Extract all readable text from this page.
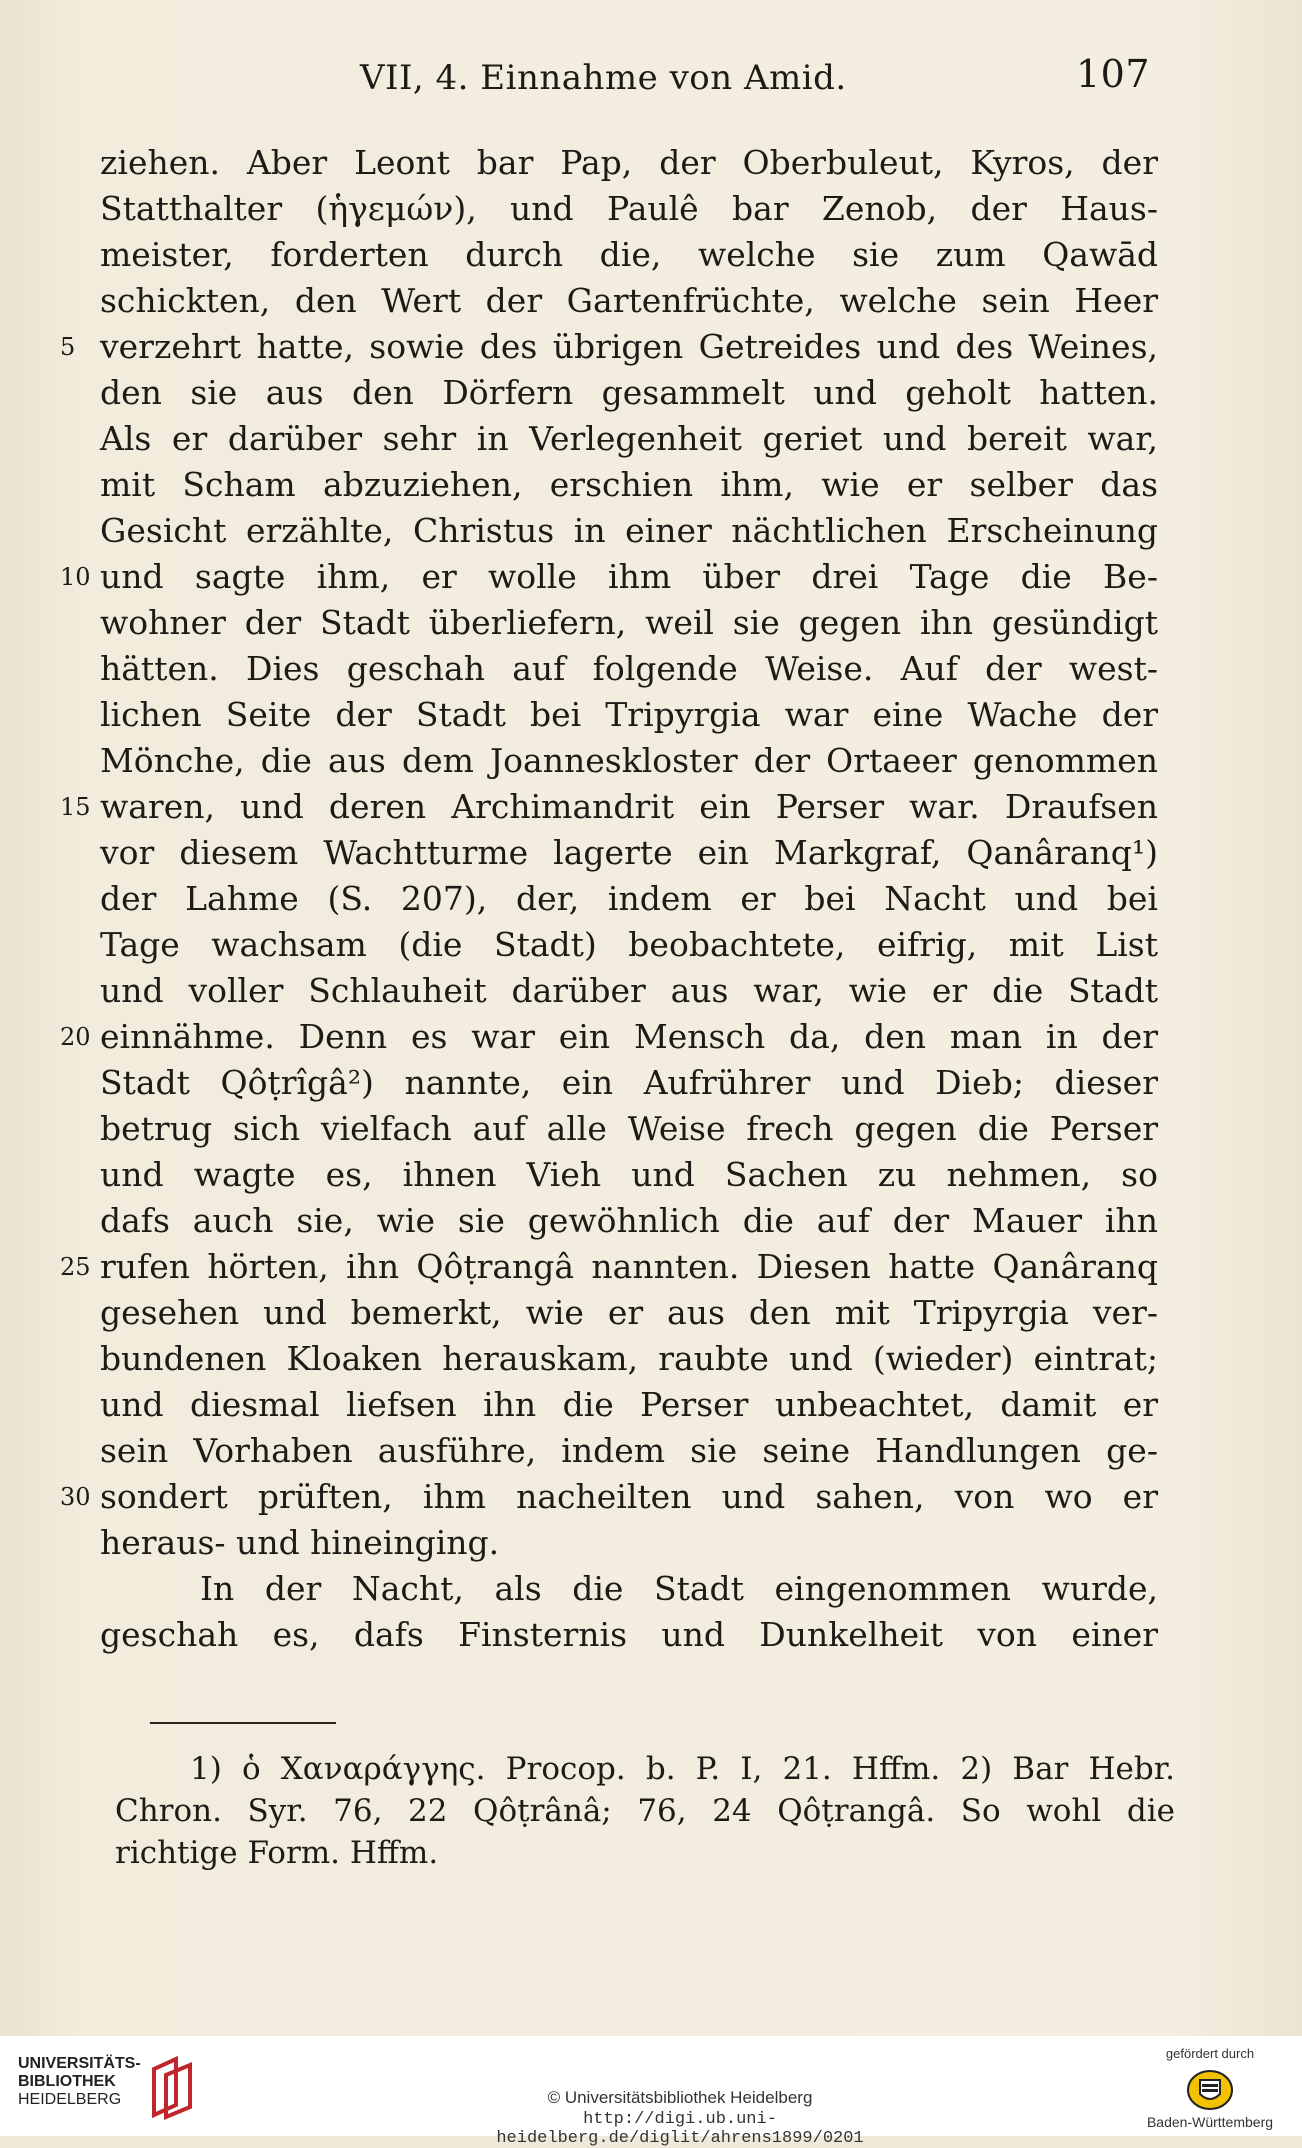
VII, 4. Einnahme von Amid.	107
ziehen. Aber Leont bar Pap, der Oberbuleut, Kyros, der
Statthalter (ἡγεμών), und Paulê bar Zenob, der Haus-
meister, forderten durch die, welche sie zum Qawād
schickten, den Wert der Gartenfrüchte, welche sein Heer
5 verzehrt hatte, sowie des übrigen Getreides und des Weines,
den sie aus den Dörfern gesammelt und geholt hatten.
Als er darüber sehr in Verlegenheit geriet und bereit war,
mit Scham abzuziehen, erschien ihm, wie er selber das
Gesicht erzählte, Christus in einer nächtlichen Erscheinung
10 und sagte ihm, er wolle ihm über drei Tage die Be-
wohner der Stadt überliefern, weil sie gegen ihn gesündigt
hätten. Dies geschah auf folgende Weise. Auf der west-
lichen Seite der Stadt bei Tripyrgia war eine Wache der
Mönche, die aus dem Joanneskloster der Ortaeer genommen
15 waren, und deren Archimandrit ein Perser war. Draufsen
vor diesem Wachtturme lagerte ein Markgraf, Qanâranq¹)
der Lahme (S. 207), der, indem er bei Nacht und bei
Tage wachsam (die Stadt) beobachtete, eifrig, mit List
und voller Schlauheit darüber aus war, wie er die Stadt
20 einnähme. Denn es war ein Mensch da, den man in der
Stadt Qôṭrîgâ²) nannte, ein Aufrührer und Dieb; dieser
betrug sich vielfach auf alle Weise frech gegen die Perser
und wagte es, ihnen Vieh und Sachen zu nehmen, so
dafs auch sie, wie sie gewöhnlich die auf der Mauer ihn
25 rufen hörten, ihn Qôṭrangâ nannten. Diesen hatte Qanâranq
gesehen und bemerkt, wie er aus den mit Tripyrgia ver-
bundenen Kloaken herauskam, raubte und (wieder) eintrat;
und diesmal liefsen ihn die Perser unbeachtet, damit er
sein Vorhaben ausführe, indem sie seine Handlungen ge-
30 sondert prüften, ihm nacheilten und sahen, von wo er
heraus- und hineinging.
In der Nacht, als die Stadt eingenommen wurde,
geschah es, dafs Finsternis und Dunkelheit von einer
1) ὁ Χαναράγγης. Procop. b. P. I, 21. Hffm. 2) Bar Hebr.
Chron. Syr. 76, 22 Qôṭrânâ; 76, 24 Qôṭrangâ. So wohl die
richtige Form. Hffm.
UNIVERSITÄTS-
BIBLIOTHEK
HEIDELBERG	© Universitätsbibliothek Heidelberg
http://digi.ub.uni-heidelberg.de/diglit/ahrens1899/0201
gefördert durch
Baden-Württemberg
